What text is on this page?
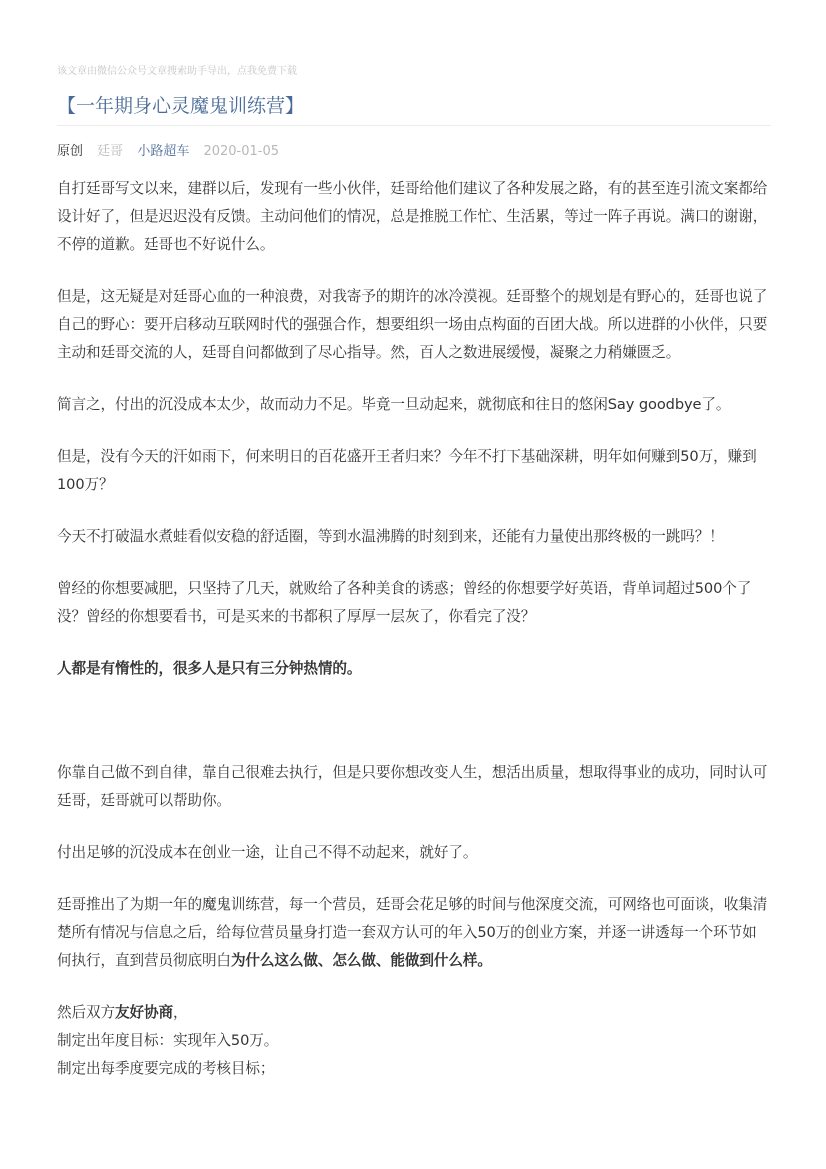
该文章由微信公众号文章搜索助手导出，点我免费下载
【一年期身心灵魔鬼训练营】
原创 廷哥 小路超车 2020-01-05

自打廷哥写文以来，建群以后，发现有一些小伙伴，廷哥给他们建议了各种发展之路，有的甚至连引流文案都给设计好了，但是迟迟没有反馈。主动问他们的情况，总是推脱工作忙、生活累，等过一阵子再说。满口的谢谢，不停的道歉。廷哥也不好说什么。

但是，这无疑是对廷哥心血的一种浪费，对我寄予的期许的冰冷漠视。廷哥整个的规划是有野心的，廷哥也说了自己的野心：要开启移动互联网时代的强强合作，想要组织一场由点构面的百团大战。所以进群的小伙伴，只要主动和廷哥交流的人，廷哥自问都做到了尽心指导。然，百人之数进展缓慢，凝聚之力稍嫌匮乏。

简言之，付出的沉没成本太少，故而动力不足。毕竟一旦动起来，就彻底和往日的悠闲Say goodbye了。

但是，没有今天的汗如雨下，何来明日的百花盛开王者归来？今年不打下基础深耕，明年如何赚到50万，赚到100万？

今天不打破温水煮蛙看似安稳的舒适圈，等到水温沸腾的时刻到来，还能有力量使出那终极的一跳吗？！

曾经的你想要减肥，只坚持了几天，就败给了各种美食的诱惑；曾经的你想要学好英语，背单词超过500个了没？曾经的你想要看书，可是买来的书都积了厚厚一层灰了，你看完了没？

人都是有惰性的，很多人是只有三分钟热情的。

你靠自己做不到自律，靠自己很难去执行，但是只要你想改变人生，想活出质量，想取得事业的成功，同时认可廷哥，廷哥就可以帮助你。

付出足够的沉没成本在创业一途，让自己不得不动起来，就好了。

廷哥推出了为期一年的魔鬼训练营，每一个营员，廷哥会花足够的时间与他深度交流，可网络也可面谈，收集清楚所有情况与信息之后，给每位营员量身打造一套双方认可的年入50万的创业方案，并逐一讲透每一个环节如何执行，直到营员彻底明白为什么这么做、怎么做、能做到什么样。

然后双方友好协商，

制定出年度目标：实现年入50万。

制定出每季度要完成的考核目标；
